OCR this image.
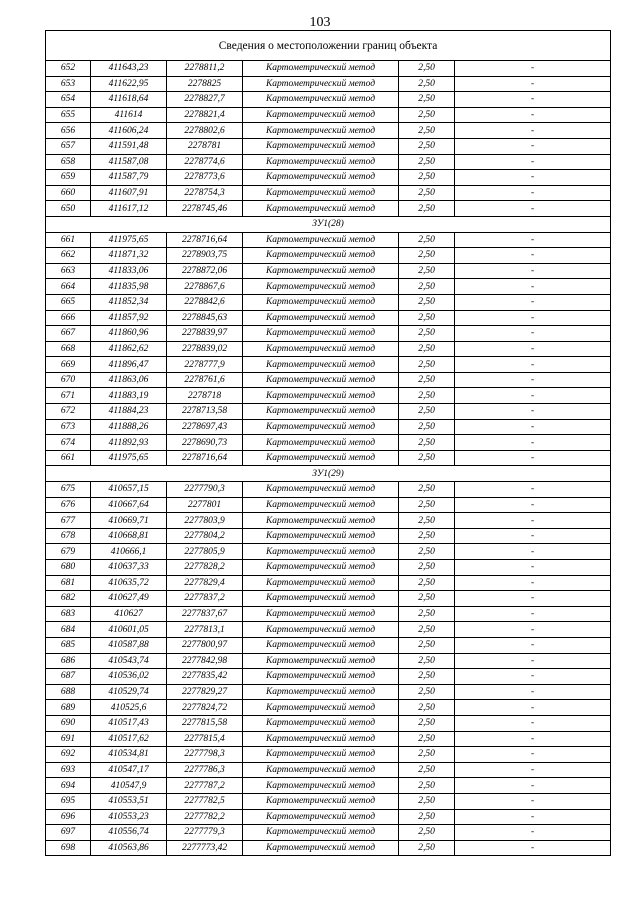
103
Сведения о местоположении границ объекта					
652	411643,23	2278811,2	Картометрический метод	2,50	-
653	411622,95	2278825	Картометрический метод	2,50	-
654	411618,64	2278827,7	Картометрический метод	2,50	-
655	411614	2278821,4	Картометрический метод	2,50	-
656	411606,24	2278802,6	Картометрический метод	2,50	-
657	411591,48	2278781	Картометрический метод	2,50	-
658	411587,08	2278774,6	Картометрический метод	2,50	-
659	411587,79	2278773,6	Картометрический метод	2,50	-
660	411607,91	2278754,3	Картометрический метод	2,50	-
650	411617,12	2278745,46	Картометрический метод	2,50	-
ЗУ1(28)					
661	411975,65	2278716,64	Картометрический метод	2,50	-
662	411871,32	2278903,75	Картометрический метод	2,50	-
663	411833,06	2278872,06	Картометрический метод	2,50	-
664	411835,98	2278867,6	Картометрический метод	2,50	-
665	411852,34	2278842,6	Картометрический метод	2,50	-
666	411857,92	2278845,63	Картометрический метод	2,50	-
667	411860,96	2278839,97	Картометрический метод	2,50	-
668	411862,62	2278839,02	Картометрический метод	2,50	-
669	411896,47	2278777,9	Картометрический метод	2,50	-
670	411863,06	2278761,6	Картометрический метод	2,50	-
671	411883,19	2278718	Картометрический метод	2,50	-
672	411884,23	2278713,58	Картометрический метод	2,50	-
673	411888,26	2278697,43	Картометрический метод	2,50	-
674	411892,93	2278690,73	Картометрический метод	2,50	-
661	411975,65	2278716,64	Картометрический метод	2,50	-
ЗУ1(29)					
675	410657,15	2277790,3	Картометрический метод	2,50	-
676	410667,64	2277801	Картометрический метод	2,50	-
677	410669,71	2277803,9	Картометрический метод	2,50	-
678	410668,81	2277804,2	Картометрический метод	2,50	-
679	410666,1	2277805,9	Картометрический метод	2,50	-
680	410637,33	2277828,2	Картометрический метод	2,50	-
681	410635,72	2277829,4	Картометрический метод	2,50	-
682	410627,49	2277837,2	Картометрический метод	2,50	-
683	410627	2277837,67	Картометрический метод	2,50	-
684	410601,05	2277813,1	Картометрический метод	2,50	-
685	410587,88	2277800,97	Картометрический метод	2,50	-
686	410543,74	2277842,98	Картометрический метод	2,50	-
687	410536,02	2277835,42	Картометрический метод	2,50	-
688	410529,74	2277829,27	Картометрический метод	2,50	-
689	410525,6	2277824,72	Картометрический метод	2,50	-
690	410517,43	2277815,58	Картометрический метод	2,50	-
691	410517,62	2277815,4	Картометрический метод	2,50	-
692	410534,81	2277798,3	Картометрический метод	2,50	-
693	410547,17	2277786,3	Картометрический метод	2,50	-
694	410547,9	2277787,2	Картометрический метод	2,50	-
695	410553,51	2277782,5	Картометрический метод	2,50	-
696	410553,23	2277782,2	Картометрический метод	2,50	-
697	410556,74	2277779,3	Картометрический метод	2,50	-
698	410563,86	2277773,42	Картометрический метод	2,50	-
